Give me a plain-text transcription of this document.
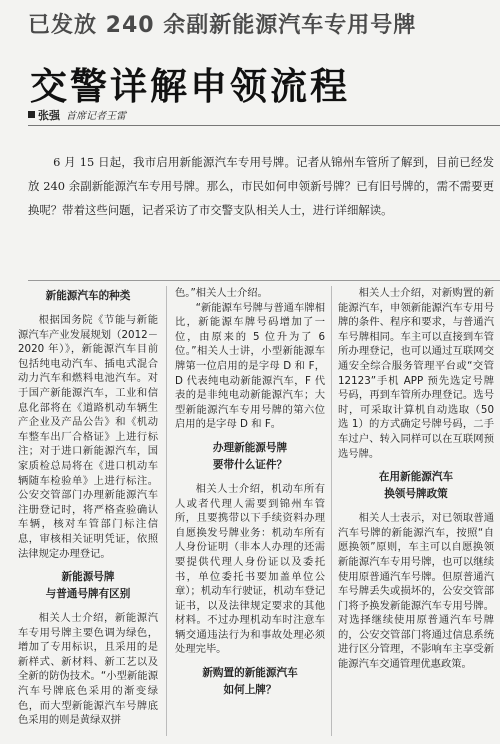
已发放 240 余副新能源汽车专用号牌
交警详解申领流程
张强 首席记者王雷
6 月 15 日起，我市启用新能源汽车专用号牌。记者从锦州车管所了解到，目前已经发放 240 余副新能源汽车专用号牌。那么，市民如何申领新号牌？已有旧号牌的，需不需要更换呢？带着这些问题，记者采访了市交警支队相关人士，进行详细解读。
新能源汽车的种类

根据国务院《节能与新能源汽车产业发展规划（2012－2020 年）》，新能源汽车目前包括纯电动汽车、插电式混合动力汽车和燃料电池汽车。对于国产新能源汽车，工业和信息化部将在《道路机动车辆生产企业及产品公告》和《机动车整车出厂合格证》上进行标注；对于进口新能源汽车，国家质检总局将在《进口机动车辆随车检验单》上进行标注。公安交管部门办理新能源汽车注册登记时，将严格查验确认车辆，核对车管部门标注信息，审核相关证明凭证，依照法律规定办理登记。

新能源号牌
与普通号牌有区别

相关人士介绍，新能源汽车专用号牌主要色调为绿色，增加了专用标识，且采用的是新样式、新材料、新工艺以及全新的防伪技术。“小型新能源汽车号牌底色采用的渐变绿色，而大型新能源汽车号牌底色采用的则是黄绿双拼

色。”相关人士介绍。

“新能源车号牌与普通车牌相比，新能源车牌号码增加了一位，由原来的 5 位升为了 6 位。”相关人士讲，小型新能源车牌第一位启用的是字母 D 和 F，D 代表纯电动新能源汽车，F 代表的是非纯电动新能源汽车；大型新能源汽车专用号牌的第六位启用的是字母 D 和 F。

办理新能源号牌
要带什么证件？

相关人士介绍，机动车所有人或者代理人需要到锦州车管所，且要携带以下手续资料办理自愿换发号牌业务：机动车所有人身份证明（非本人办理的还需要提供代理人身份证以及委托书，单位委托书要加盖单位公章）；机动车行驶证，机动车登记证书，以及法律规定要求的其他材料。不过办理机动车时注意车辆交通违法行为和事故处理必须处理完毕。

新购置的新能源汽车
如何上牌？

相关人士介绍，对新购置的新能源汽车，申领新能源汽车专用号牌的条件、程序和要求，与普通汽车号牌相同。车主可以直接到车管所办理登记，也可以通过互联网交通安全综合服务管理平台或“交管 12123”手机 APP 预先选定号牌号码，再到车管所办理登记。选号时，可采取计算机自动选取（50 选 1）的方式确定号牌号码，二手车过户、转入同样可以在互联网预选号牌。

在用新能源汽车
换领号牌政策

相关人士表示，对已领取普通汽车号牌的新能源汽车，按照“自愿换领”原则，车主可以自愿换领新能源汽车专用号牌，也可以继续使用原普通汽车号牌。但原普通汽车号牌丢失或损坏的，公安交管部门将予换发新能源汽车专用号牌。对选择继续使用原普通汽车号牌的，公安交管部门将通过信息系统进行区分管理，不影响车主享受新能源汽车交通管理优惠政策。
